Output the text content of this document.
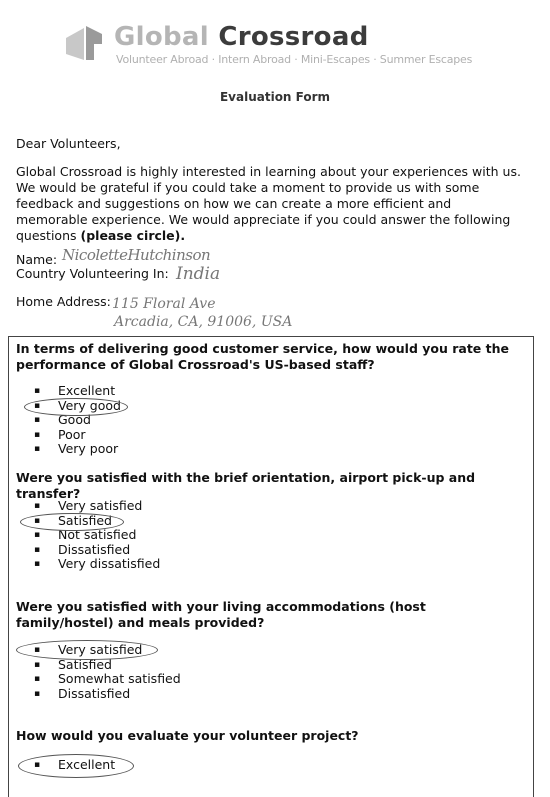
Global Crossroad
Volunteer Abroad · Intern Abroad · Mini-Escapes · Summer Escapes
Evaluation Form
Dear Volunteers,
Global Crossroad is highly interested in learning about your experiences with us. We would be grateful if you could take a moment to provide us with some feedback and suggestions on how we can create a more efficient and memorable experience. We would appreciate if you could answer the following questions (please circle).
Name: NicoletteHutchinson
Country Volunteering In: India
Home Address: 115 Floral Ave
Arcadia, CA, 91006, USA
In terms of delivering good customer service, how would you rate the performance of Global Crossroad's US-based staff?
▪ Excellent
▪ Very good
▪ Good
▪ Poor
▪ Very poor
Were you satisfied with the brief orientation, airport pick-up and transfer?
▪ Very satisfied
▪ Satisfied
▪ Not satisfied
▪ Dissatisfied
▪ Very dissatisfied
Were you satisfied with your living accommodations (host family/hostel) and meals provided?
▪ Very satisfied
▪ Satisfied
▪ Somewhat satisfied
▪ Dissatisfied
How would you evaluate your volunteer project?
▪ Excellent
